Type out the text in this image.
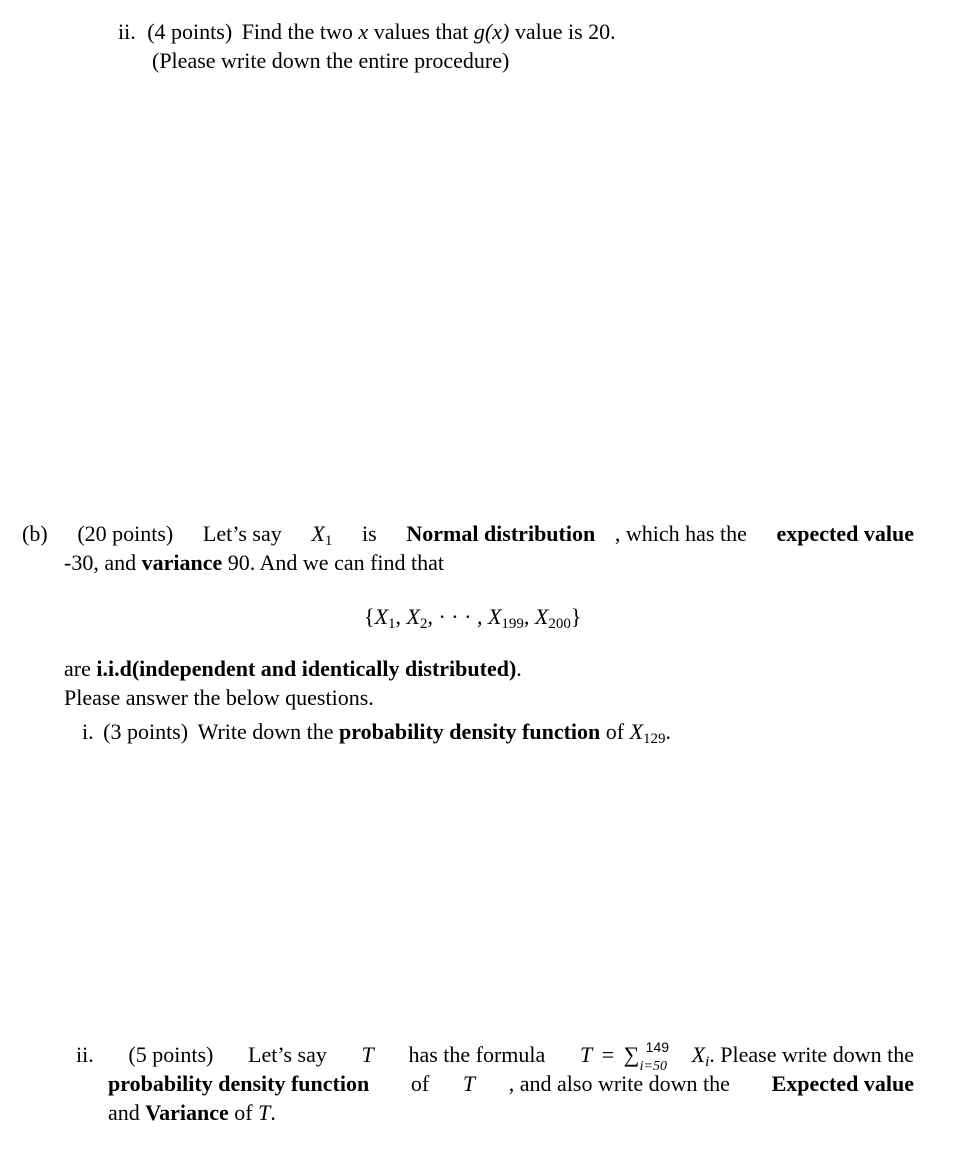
ii. (4 points) Find the two x values that g(x) value is 20.
(Please write down the entire procedure)
(b) (20 points) Let’s say $X_1$ is Normal distribution , which has the expected value
-30, and variance 90. And we can find that
{$X_1$, $X_2$, · · · , $X_{199}$, $X_{200}$}
are i.i.d(independent and identically distributed).
Please answer the below questions.
i. (3 points) Write down the probability density function of $X_{129}$.
ii. (5 points) Let’s say T has the formula T = ∑ 149
i=50 $X_i$. Please write down the
probability density function of T , and also write down the Expected value
and Variance of T.
